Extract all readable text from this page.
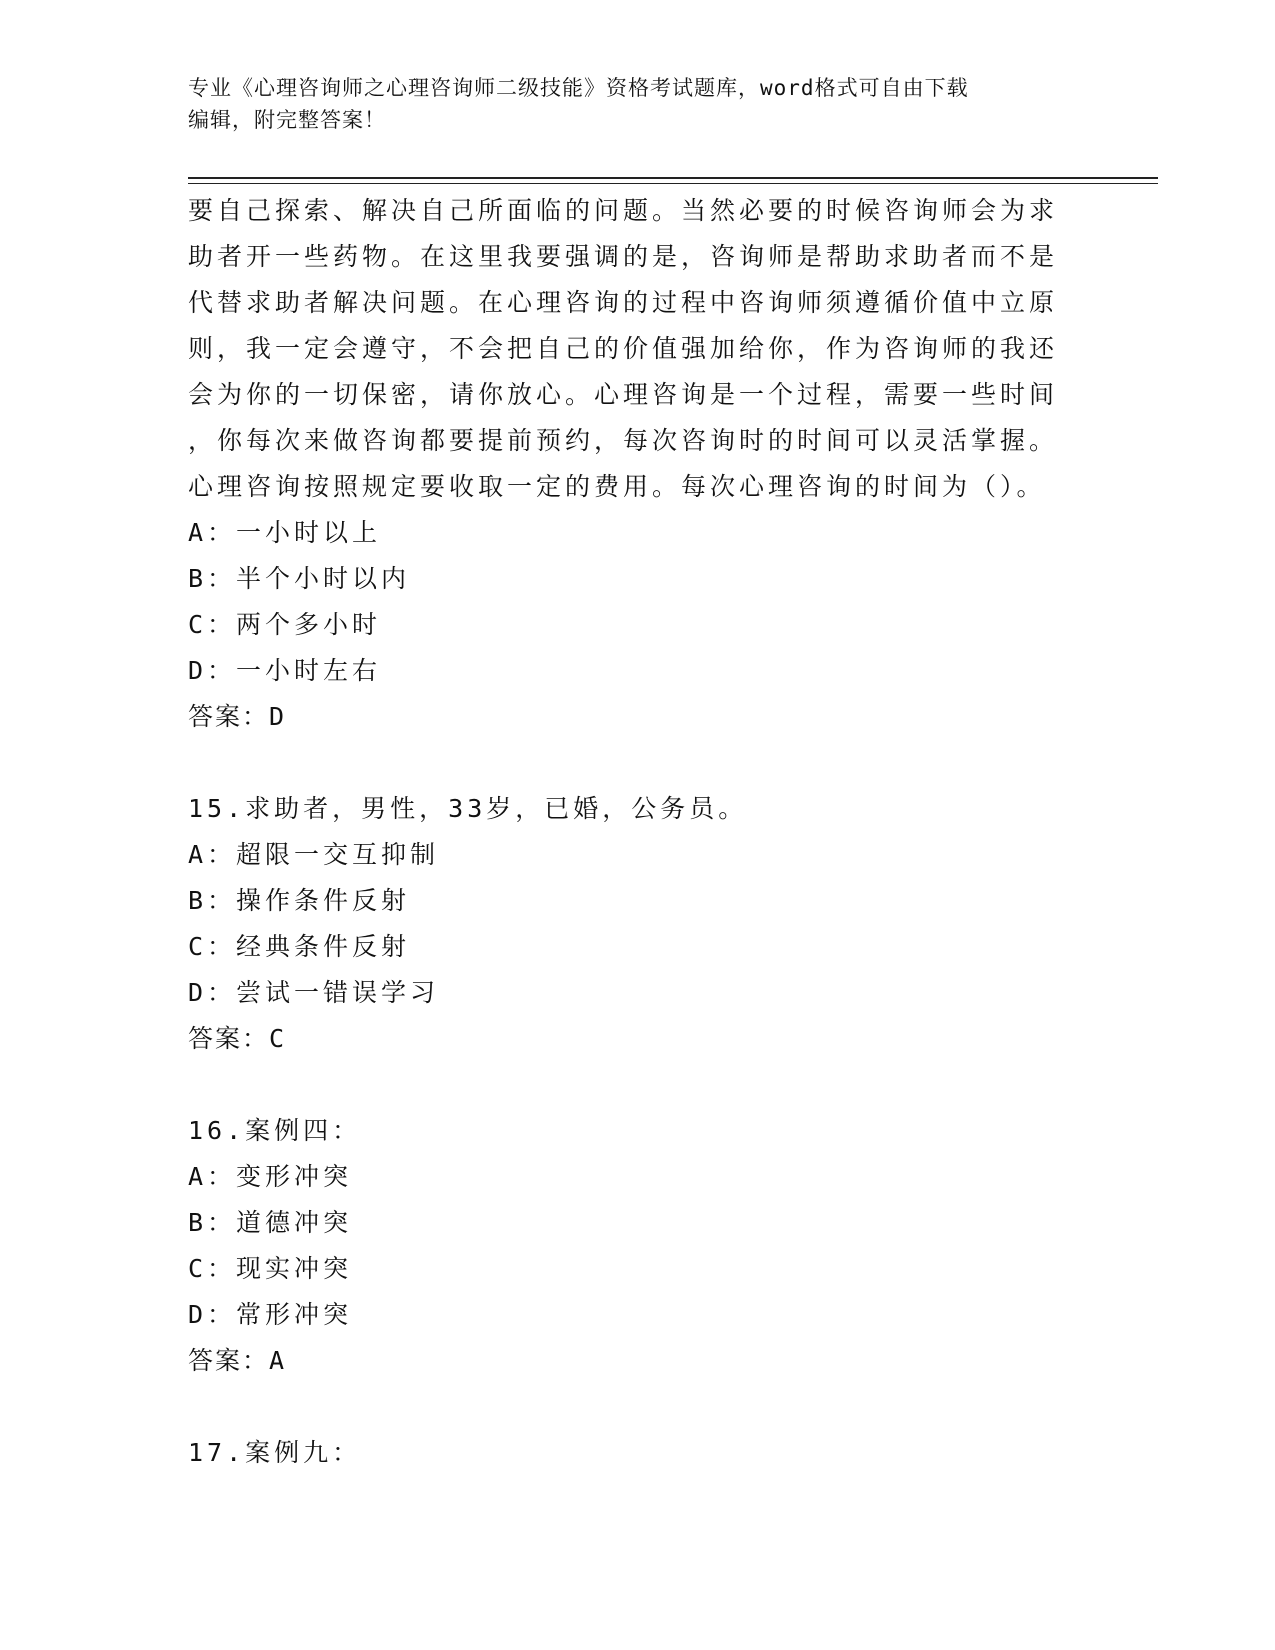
专业《心理咨询师之心理咨询师二级技能》资格考试题库，word格式可自由下载
编辑，附完整答案！
要自己探索、解决自己所面临的问题。当然必要的时候咨询师会为求
助者开一些药物。在这里我要强调的是，咨询师是帮助求助者而不是
代替求助者解决问题。在心理咨询的过程中咨询师须遵循价值中立原
则，我一定会遵守，不会把自己的价值强加给你，作为咨询师的我还
会为你的一切保密，请你放心。心理咨询是一个过程，需要一些时间
，你每次来做咨询都要提前预约，每次咨询时的时间可以灵活掌握。
心理咨询按照规定要收取一定的费用。每次心理咨询的时间为（）。
A：一小时以上
B：半个小时以内
C：两个多小时
D：一小时左右
答案：D
15.求助者，男性，33岁，已婚，公务员。
A：超限一交互抑制
B：操作条件反射
C：经典条件反射
D：尝试一错误学习
答案：C
16.案例四：
A：变形冲突
B：道德冲突
C：现实冲突
D：常形冲突
答案：A
17.案例九：
